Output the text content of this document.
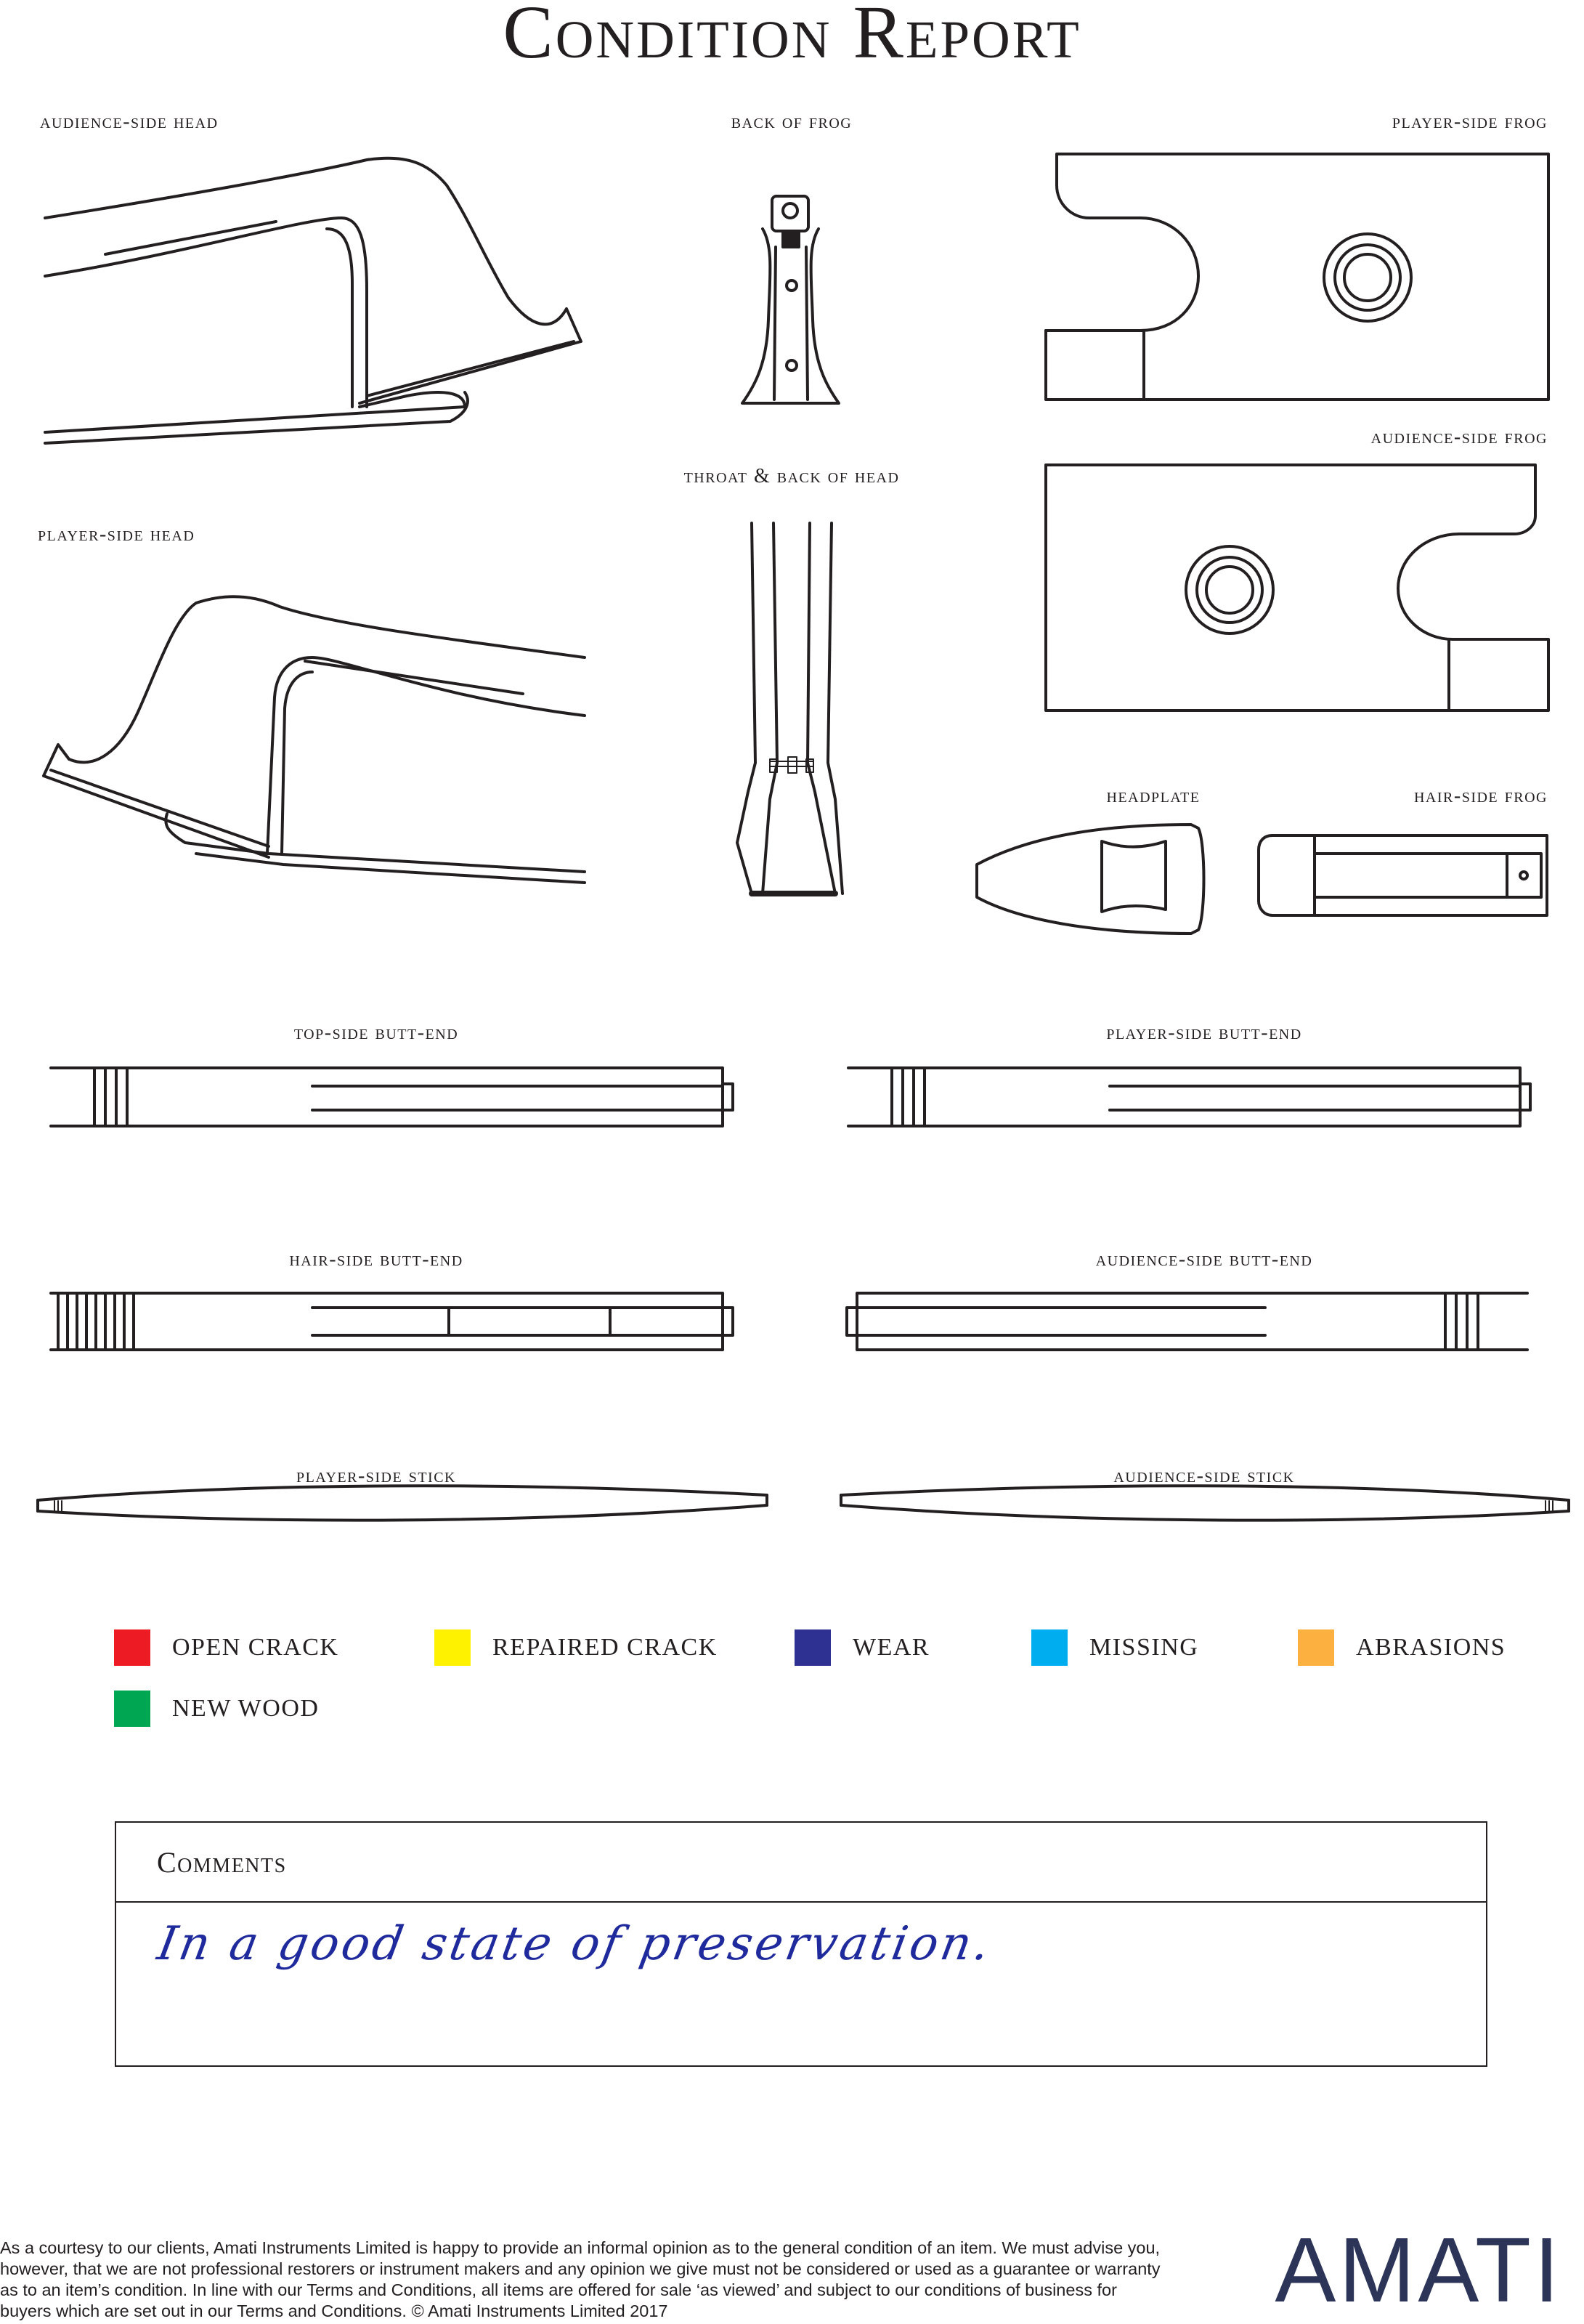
Condition Report
audience-side head	back of frog	player-side frog
throat & back of head
audience-side frog
player-side head
headplate	hair-side frog
top-side butt-end	player-side butt-end
hair-side butt-end	audience-side butt-end
player-side stick	audience-side stick
OPEN CRACK	REPAIRED CRACK	WEAR	MISSING	ABRASIONS
NEW WOOD
Comments
In a good state of preservation.
As a courtesy to our clients, Amati Instruments Limited is happy to provide an informal opinion as to the general condition of an item. We must advise you, however, that we are not professional restorers or instrument makers and any opinion we give must not be considered or used as a guarantee or warranty as to an item’s condition. In line with our Terms and Conditions, all items are offered for sale ‘as viewed’ and subject to our conditions of business for buyers which are set out in our Terms and Conditions. © Amati Instruments Limited 2017	AMATI
